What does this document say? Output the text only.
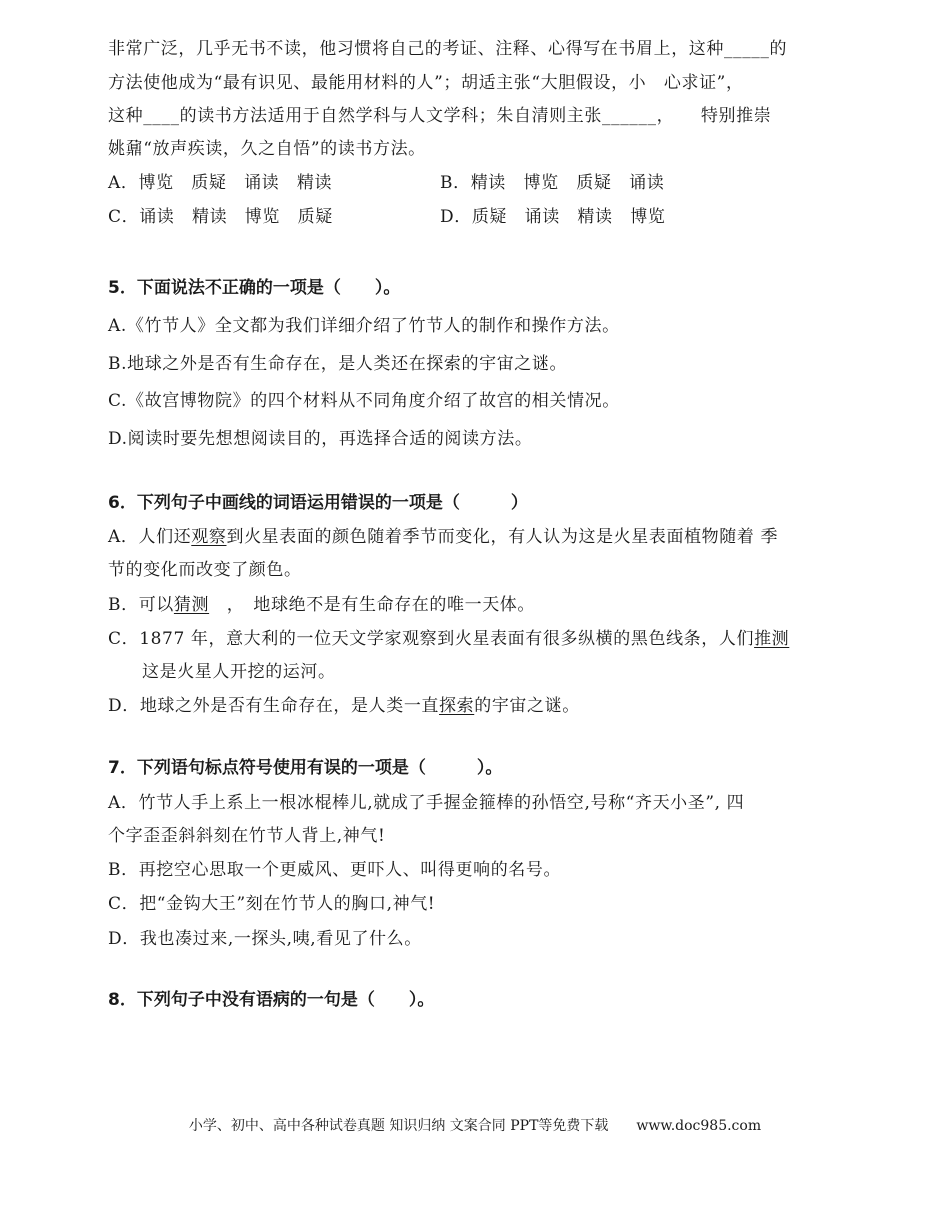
非常广泛，几乎无书不读，他习惯将自己的考证、注释、心得写在书眉上，这种_____的
方法使他成为“最有识见、最能用材料的人”；胡适主张“大胆假设，小　心求证”，
这种____的读书方法适用于自然学科与人文学科；朱自清则主张______，　　特别推崇
姚鼐“放声疾读，久之自悟”的读书方法。
A．博览　质疑　诵读　精读	B．精读　博览　质疑　诵读
C．诵读　精读　博览　质疑	D．质疑　诵读　精读　博览
5．下面说法不正确的一项是（　　）。
A.《竹节人》全文都为我们详细介绍了竹节人的制作和操作方法。
B.地球之外是否有生命存在，是人类还在探索的宇宙之谜。
C.《故宫博物院》的四个材料从不同角度介绍了故宫的相关情况。
D.阅读时要先想想阅读目的，再选择合适的阅读方法。
6．下列句子中画线的词语运用错误的一项是（　　　）
A．人们还观察到火星表面的颜色随着季节而变化，有人认为这是火星表面植物随着 季
节的变化而改变了颜色。
B．可以猜测　，　地球绝不是有生命存在的唯一天体。
C．1877 年，意大利的一位天文学家观察到火星表面有很多纵横的黑色线条，人们推测
这是火星人开挖的运河。
D．地球之外是否有生命存在，是人类一直探索的宇宙之谜。
7．下列语句标点符号使用有误的一项是（　　　）。
A．竹节人手上系上一根冰棍棒儿,就成了手握金箍棒的孙悟空,号称“齐天小圣”, 四
个字歪歪斜斜刻在竹节人背上,神气!
B．再挖空心思取一个更威风、更吓人、叫得更响的名号。
C．把“金钩大王”刻在竹节人的胸口,神气!
D．我也凑过来,一探头,咦,看见了什么。
8．下列句子中没有语病的一句是（　　）。
小学、初中、高中各种试卷真题 知识归纳 文案合同 PPT等免费下载　　www.doc985.com
